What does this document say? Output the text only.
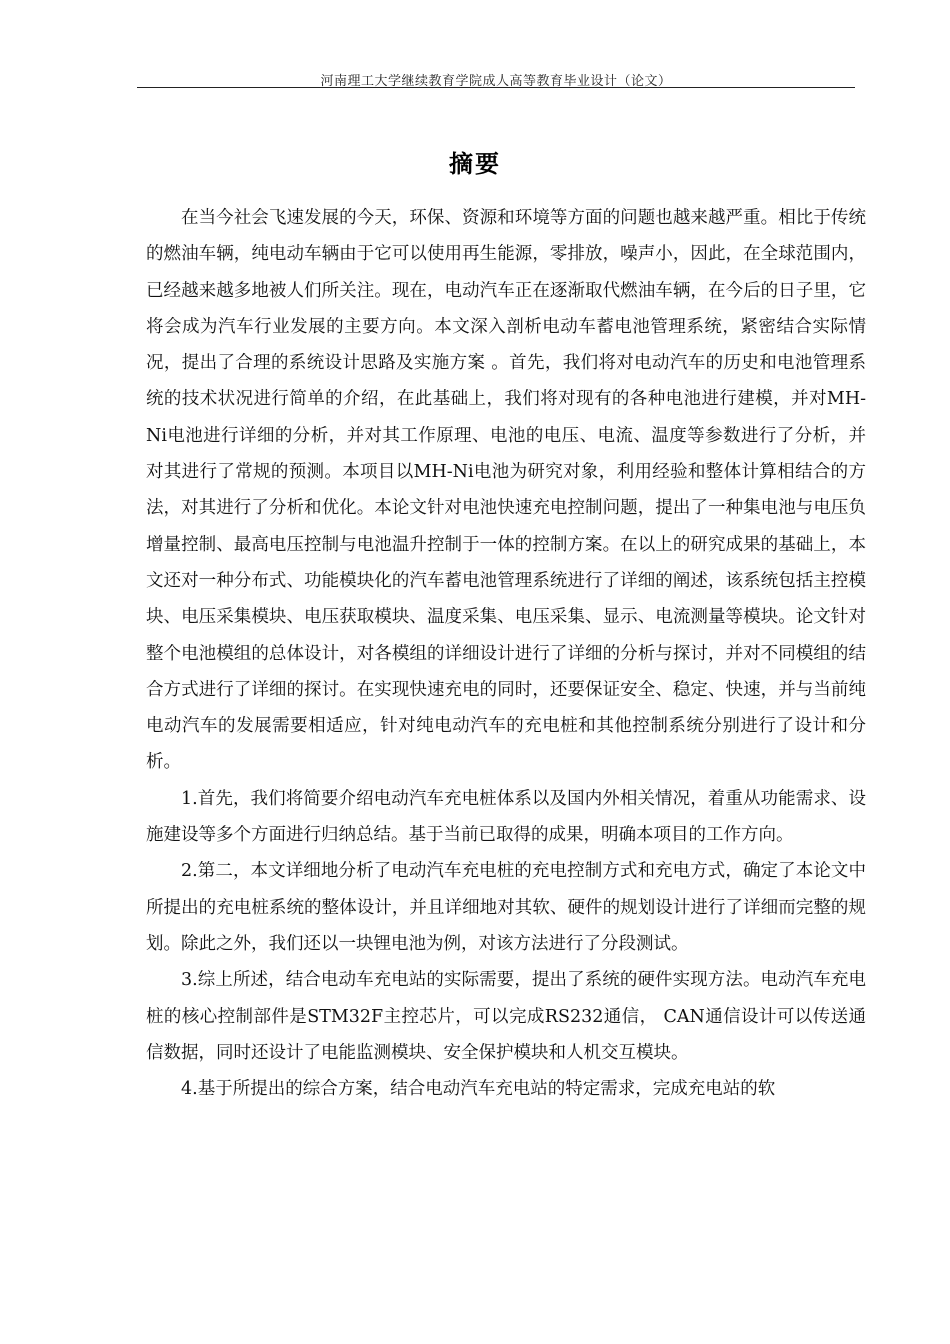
河南理工大学继续教育学院成人高等教育毕业设计（论文）
摘要

在当今社会飞速发展的今天，环保、资源和环境等方面的问题也越来越严重。相比于传统的燃油车辆，纯电动车辆由于它可以使用再生能源，零排放，噪声小，因此，在全球范围内，已经越来越多地被人们所关注。现在，电动汽车正在逐渐取代燃油车辆，在今后的日子里，它将会成为汽车行业发展的主要方向。本文深入剖析电动车蓄电池管理系统，紧密结合实际情况，提出了合理的系统设计思路及实施方案 。首先，我们将对电动汽车的历史和电池管理系统的技术状况进行简单的介绍，在此基础上，我们将对现有的各种电池进行建模，并对MH-Ni电池进行详细的分析，并对其工作原理、电池的电压、电流、温度等参数进行了分析，并对其进行了常规的预测。本项目以MH-Ni电池为研究对象，利用经验和整体计算相结合的方法，对其进行了分析和优化。本论文针对电池快速充电控制问题，提出了一种集电池与电压负增量控制、最高电压控制与电池温升控制于一体的控制方案。在以上的研究成果的基础上，本文还对一种分布式、功能模块化的汽车蓄电池管理系统进行了详细的阐述，该系统包括主控模块、电压采集模块、电压获取模块、温度采集、电压采集、显示、电流测量等模块。论文针对整个电池模组的总体设计，对各模组的详细设计进行了详细的分析与探讨，并对不同模组的结合方式进行了详细的探讨。在实现快速充电的同时，还要保证安全、稳定、快速，并与当前纯电动汽车的发展需要相适应，针对纯电动汽车的充电桩和其他控制系统分别进行了设计和分析。

1.首先，我们将简要介绍电动汽车充电桩体系以及国内外相关情况，着重从功能需求、设施建设等多个方面进行归纳总结。基于当前已取得的成果，明确本项目的工作方向。

2.第二，本文详细地分析了电动汽车充电桩的充电控制方式和充电方式，确定了本论文中所提出的充电桩系统的整体设计，并且详细地对其软、硬件的规划设计进行了详细而完整的规划。除此之外，我们还以一块锂电池为例，对该方法进行了分段测试。

3.综上所述，结合电动车充电站的实际需要，提出了系统的硬件实现方法。电动汽车充电桩的核心控制部件是STM32F主控芯片，可以完成RS232通信， CAN通信设计可以传送通信数据，同时还设计了电能监测模块、安全保护模块和人机交互模块。

4.基于所提出的综合方案，结合电动汽车充电站的特定需求，完成充电站的软
